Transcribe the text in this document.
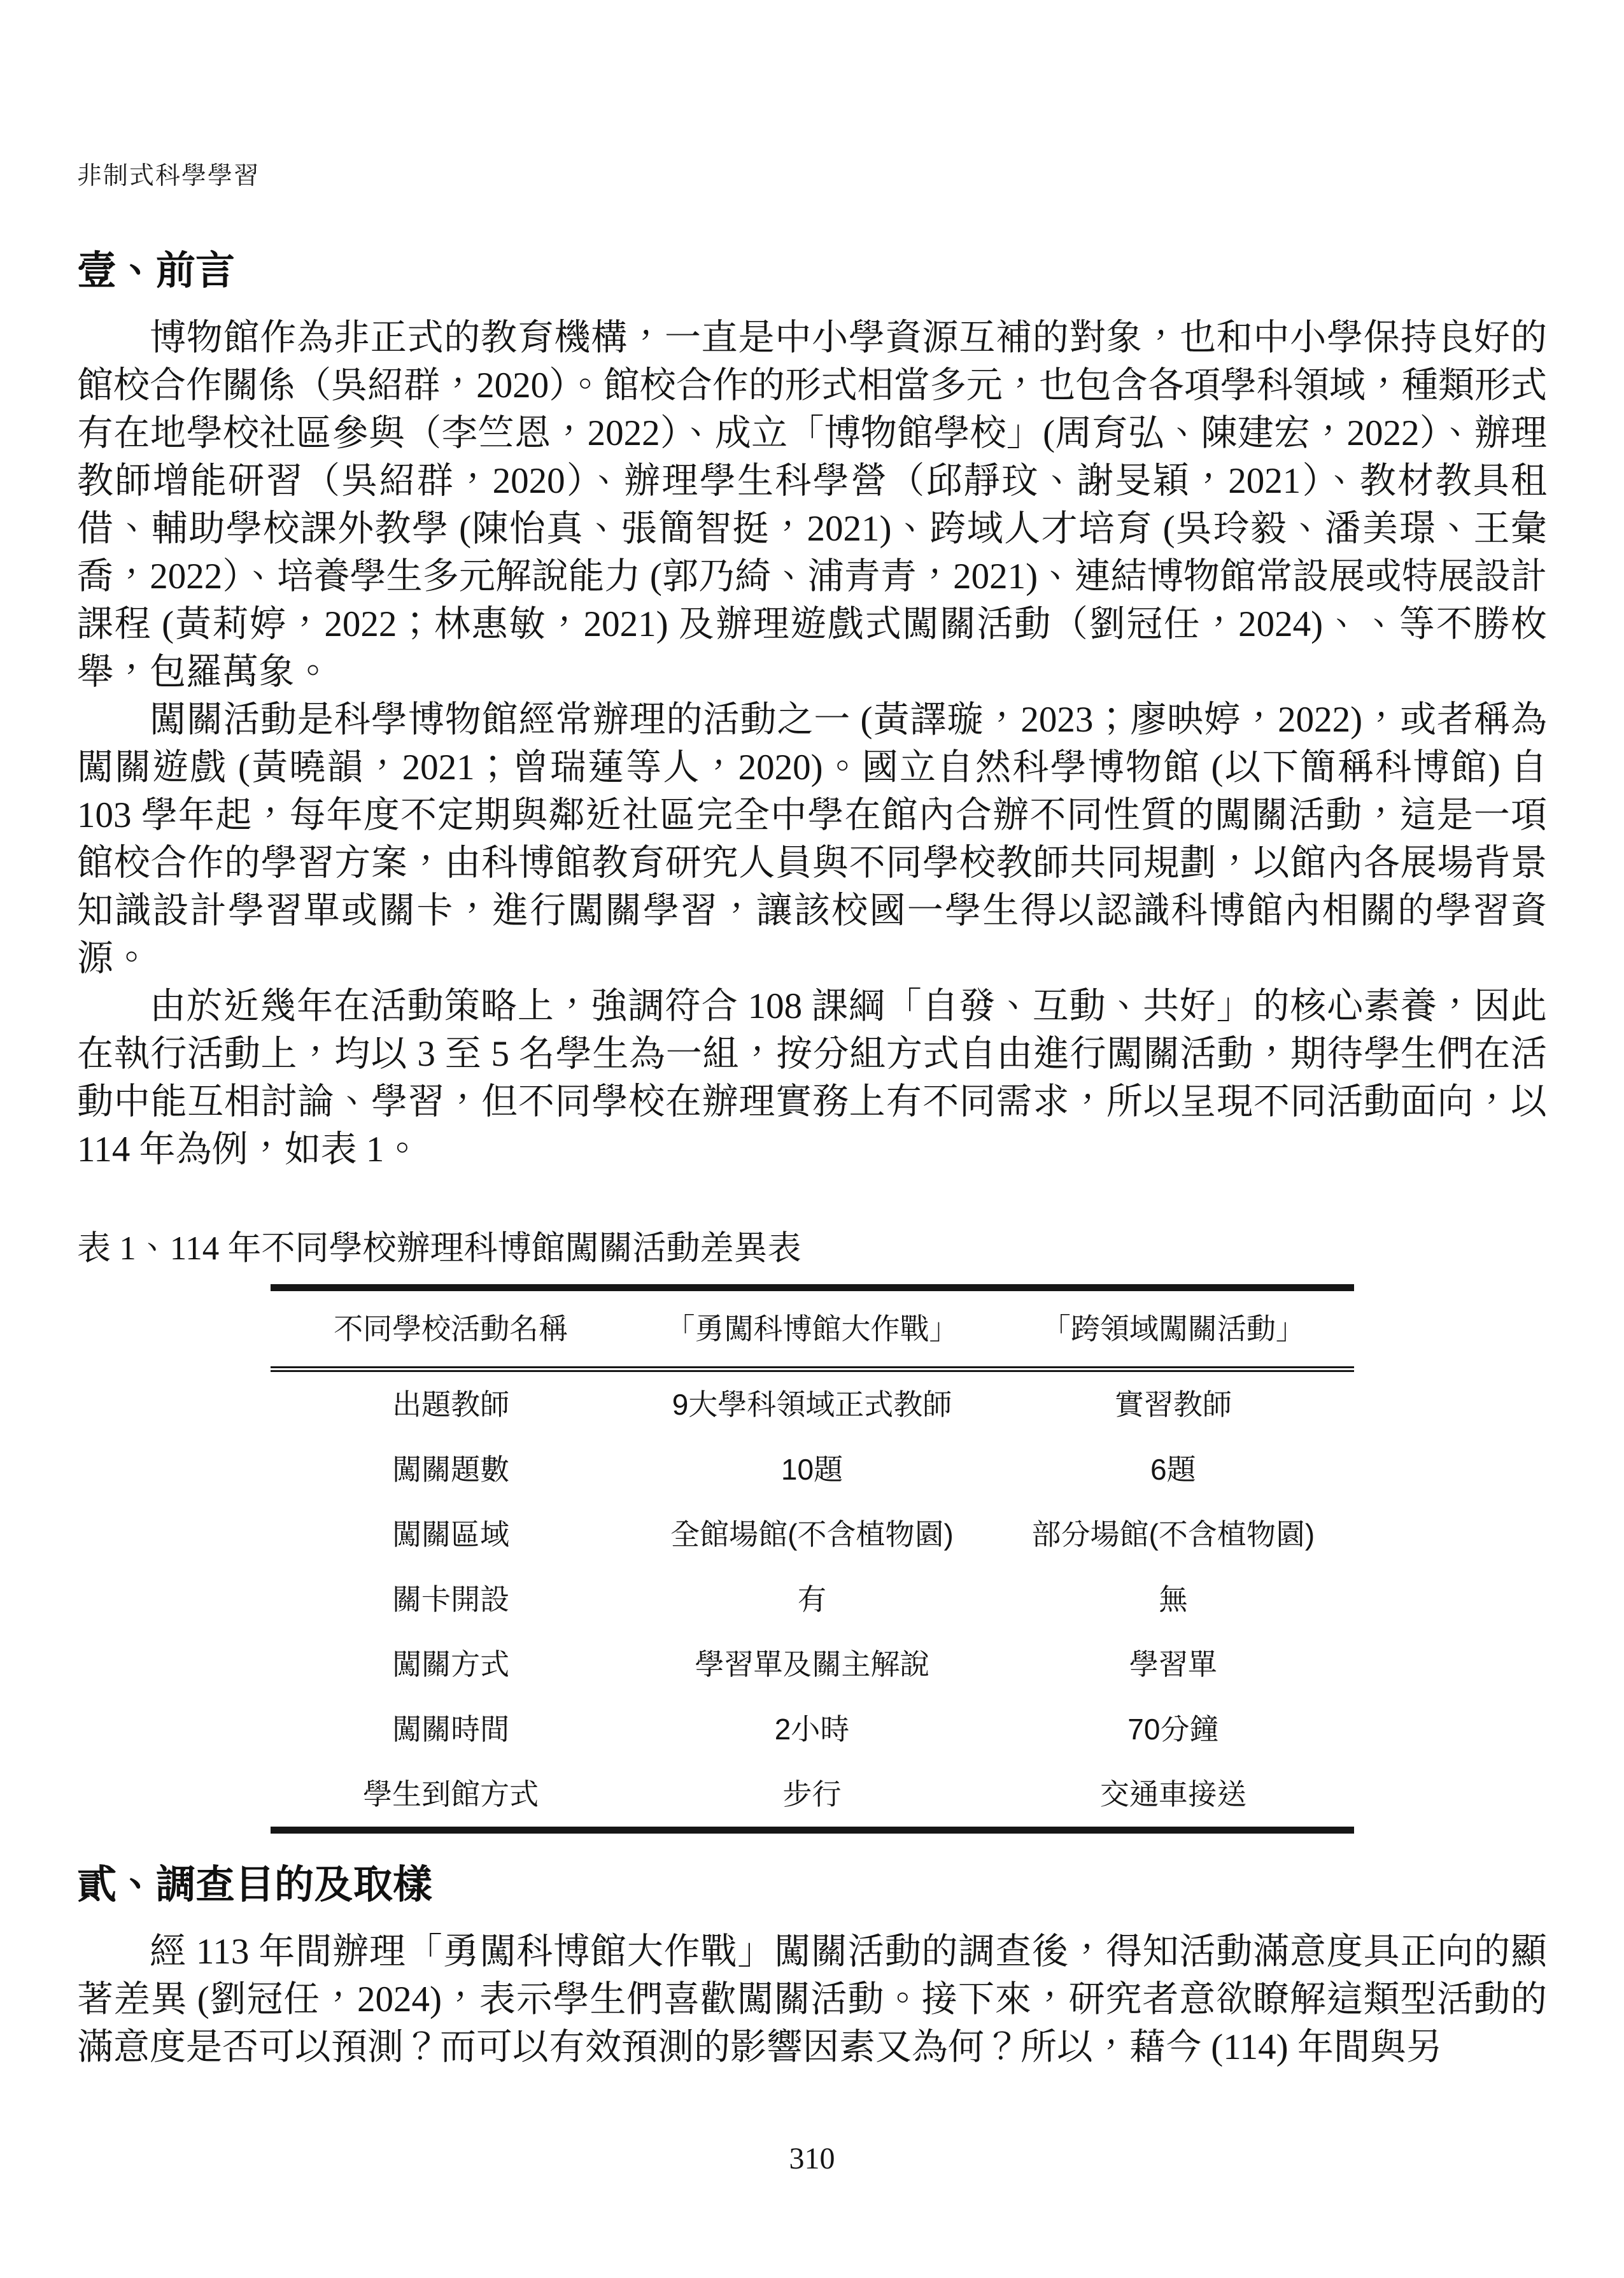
非制式科學學習
壹、前言

博物館作為非正式的教育機構，一直是中小學資源互補的對象，也和中小學保持良好的館校合作關係（吳紹群，2020）。館校合作的形式相當多元，也包含各項學科領域，種類形式有在地學校社區參與（李竺恩，2022）、成立「博物館學校」(周育弘、陳建宏，2022）、辦理教師增能研習（吳紹群，2020）、辦理學生科學營（邱靜玟、謝旻穎，2021）、教材教具租借、輔助學校課外教學 (陳怡真、張簡智挺，2021)、跨域人才培育 (吳玲毅、潘美璟、王彙喬，2022）、培養學生多元解說能力 (郭乃綺、浦青青，2021)、連結博物館常設展或特展設計課程 (黃莉婷，2022；林惠敏，2021) 及辦理遊戲式闖關活動（劉冠任，2024)、、等不勝枚舉，包羅萬象。

闖關活動是科學博物館經常辦理的活動之一 (黃譯璇，2023；廖映婷，2022)，或者稱為闖關遊戲 (黃曉韻，2021；曾瑞蓮等人，2020)。國立自然科學博物館 (以下簡稱科博館) 自 103 學年起，每年度不定期與鄰近社區完全中學在館內合辦不同性質的闖關活動，這是一項館校合作的學習方案，由科博館教育研究人員與不同學校教師共同規劃，以館內各展場背景知識設計學習單或關卡，進行闖關學習，讓該校國一學生得以認識科博館內相關的學習資源。

由於近幾年在活動策略上，強調符合 108 課綱「自發、互動、共好」的核心素養，因此在執行活動上，均以 3 至 5 名學生為一組，按分組方式自由進行闖關活動，期待學生們在活動中能互相討論、學習，但不同學校在辦理實務上有不同需求，所以呈現不同活動面向，以 114 年為例，如表 1。

表 1、114 年不同學校辦理科博館闖關活動差異表
不同學校活動名稱	「勇闖科博館大作戰」	「跨領域闖關活動」
出題教師	9大學科領域正式教師	實習教師
闖關題數	10題	6題
闖關區域	全館場館(不含植物園)	部分場館(不含植物園)
關卡開設	有	無
闖關方式	學習單及關主解說	學習單
闖關時間	2小時	70分鐘
學生到館方式	步行	交通車接送
貳、調查目的及取樣

經 113 年間辦理「勇闖科博館大作戰」闖關活動的調查後，得知活動滿意度具正向的顯著差異 (劉冠任，2024)，表示學生們喜歡闖關活動。接下來，研究者意欲瞭解這類型活動的滿意度是否可以預測？而可以有效預測的影響因素又為何？所以，藉今 (114) 年間與另

310
